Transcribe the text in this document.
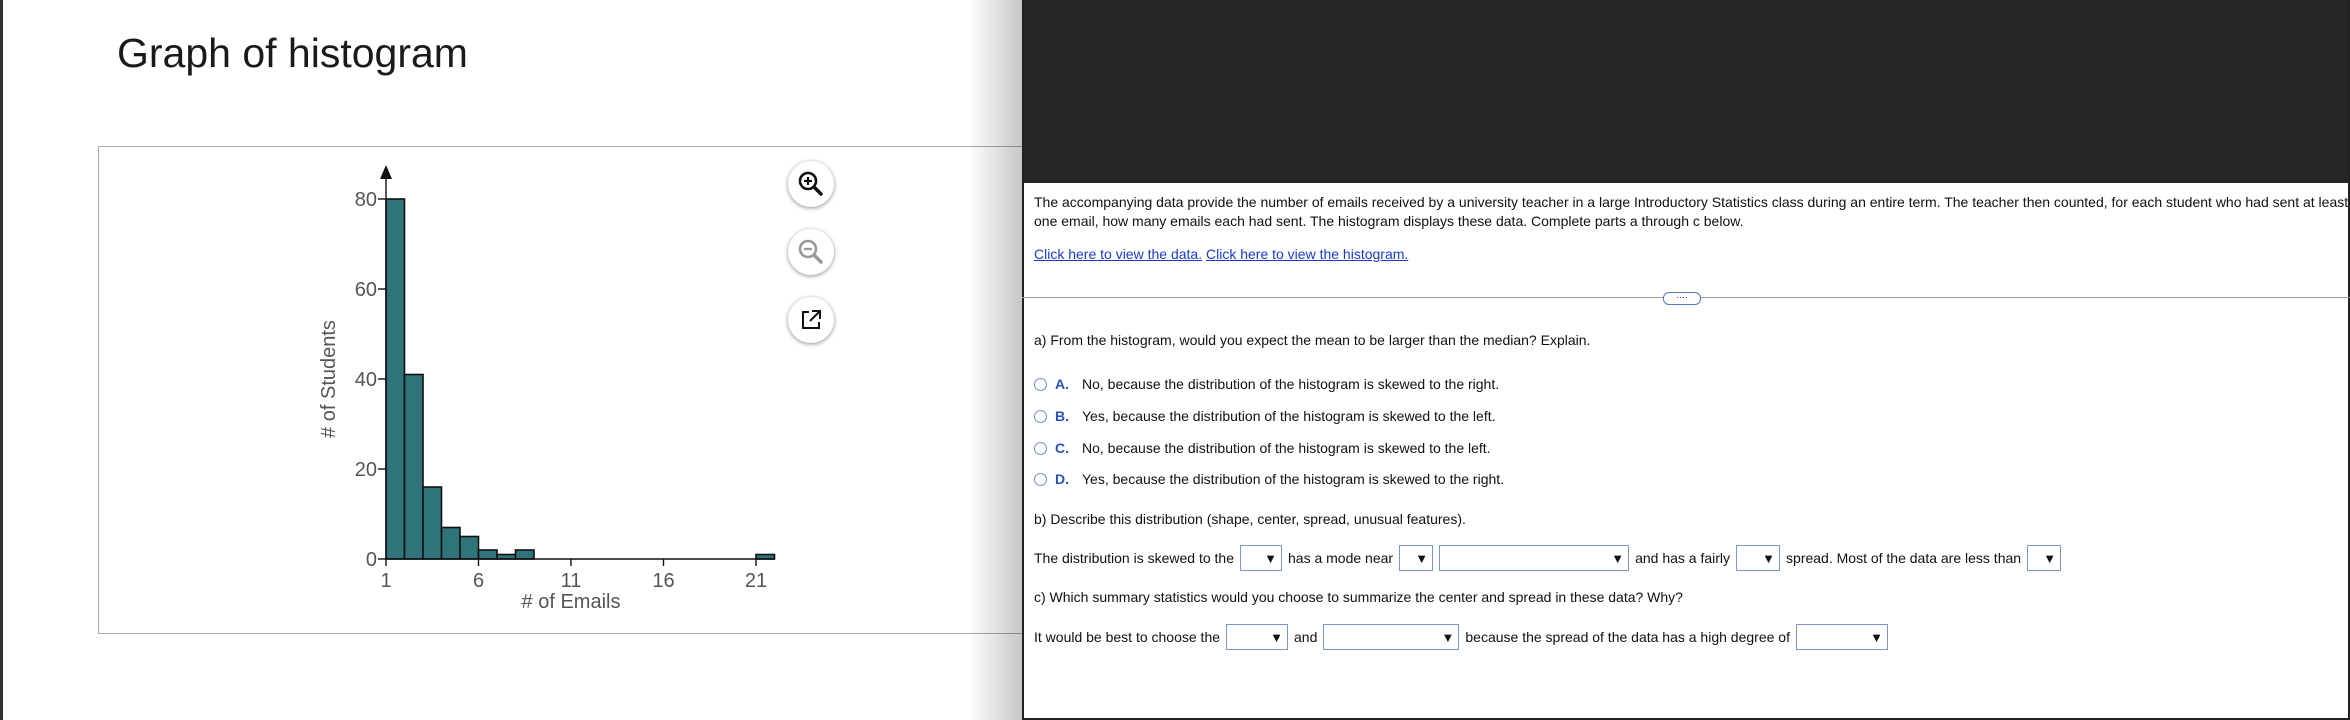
Graph of histogram
0
20
40
60
80
1	6	11	16	21
# of Emails
# of Students

The accompanying data provide the number of emails received by a university teacher in a large Introductory Statistics class during an entire term. The teacher then counted, for each student who had sent at least one email, how many emails each had sent. The histogram displays these data. Complete parts a through c below.

Click here to view the data. Click here to view the histogram.
····

a) From the histogram, would you expect the mean to be larger than the median? Explain.

A. No, because the distribution of the histogram is skewed to the right.
B. Yes, because the distribution of the histogram is skewed to the left.
C. No, because the distribution of the histogram is skewed to the left.
D. Yes, because the distribution of the histogram is skewed to the right.

b) Describe this distribution (shape, center, spread, unusual features).

The distribution is skewed to the ▼ has a mode near ▼	▼ and has a fairly ▼ spread. Most of the data are less than ▼

c) Which summary statistics would you choose to summarize the center and spread in these data? Why?

It would be best to choose the	▼ and	▼ because the spread of the data has a high degree of	▼
